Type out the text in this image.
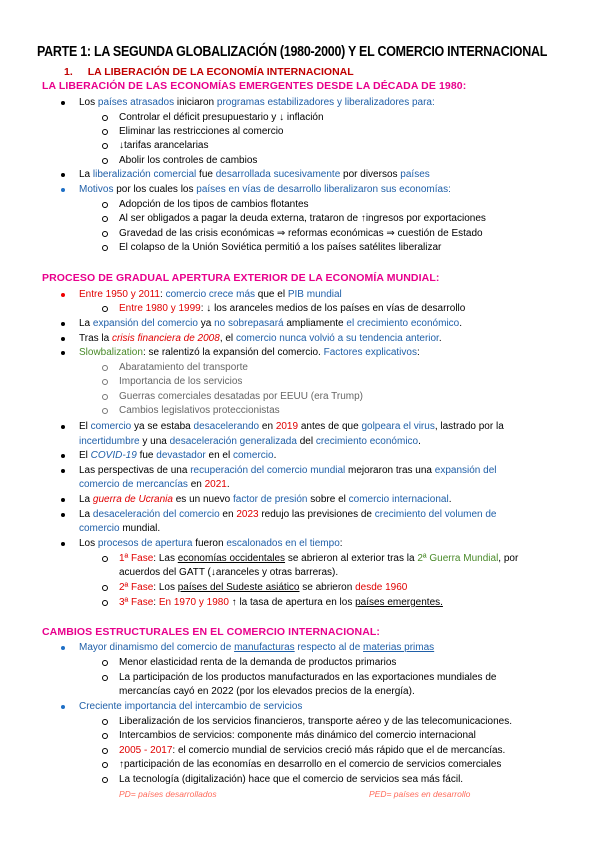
PARTE 1: LA SEGUNDA GLOBALIZACIÓN (1980-2000) Y EL COMERCIO INTERNACIONAL
1. LA LIBERACIÓN DE LA ECONOMÍA INTERNACIONAL
LA LIBERACIÓN DE LAS ECONOMÍAS EMERGENTES DESDE LA DÉCADA DE 1980:
Los países atrasados iniciaron programas estabilizadores y liberalizadores para:
Controlar el déficit presupuestario y ↓ inflación
Eliminar las restricciones al comercio
↓tarifas arancelarias
Abolir los controles de cambios
La liberalización comercial fue desarrollada sucesivamente por diversos países
Motivos por los cuales los países en vías de desarrollo liberalizaron sus economías:
Adopción de los tipos de cambios flotantes
Al ser obligados a pagar la deuda externa, trataron de ↑ingresos por exportaciones
Gravedad de las crisis económicas ⇒ reformas económicas ⇒ cuestión de Estado
El colapso de la Unión Soviética permitió a los países satélites liberalizar
PROCESO DE GRADUAL APERTURA EXTERIOR DE LA ECONOMÍA MUNDIAL:
Entre 1950 y 2011: comercio crece más que el PIB mundial
Entre 1980 y 1999: ↓ los aranceles medios de los países en vías de desarrollo
La expansión del comercio ya no sobrepasará ampliamente el crecimiento económico.
Tras la crisis financiera de 2008, el comercio nunca volvió a su tendencia anterior.
Slowbalization: se ralentizó la expansión del comercio. Factores explicativos:
Abaratamiento del transporte
Importancia de los servicios
Guerras comerciales desatadas por EEUU (era Trump)
Cambios legislativos proteccionistas
El comercio ya se estaba desacelerando en 2019 antes de que golpeara el virus, lastrado por la
incertidumbre y una desaceleración generalizada del crecimiento económico.
El COVID-19 fue devastador en el comercio.
Las perspectivas de una recuperación del comercio mundial mejoraron tras una expansión del
comercio de mercancías en 2021.
La guerra de Ucrania es un nuevo factor de presión sobre el comercio internacional.
La desaceleración del comercio en 2023 redujo las previsiones de crecimiento del volumen de
comercio mundial.
Los procesos de apertura fueron escalonados en el tiempo:
1ª Fase: Las economías occidentales se abrieron al exterior tras la 2ª Guerra Mundial, por
acuerdos del GATT (↓aranceles y otras barreras).
2ª Fase: Los países del Sudeste asiático se abrieron desde 1960
3ª Fase: En 1970 y 1980 ↑ la tasa de apertura en los países emergentes.
CAMBIOS ESTRUCTURALES EN EL COMERCIO INTERNACIONAL:
Mayor dinamismo del comercio de manufacturas respecto al de materias primas
Menor elasticidad renta de la demanda de productos primarios
La participación de los productos manufacturados en las exportaciones mundiales de
mercancías cayó en 2022 (por los elevados precios de la energía).
Creciente importancia del intercambio de servicios
Liberalización de los servicios financieros, transporte aéreo y de las telecomunicaciones.
Intercambios de servicios: componente más dinámico del comercio internacional
2005 - 2017: el comercio mundial de servicios creció más rápido que el de mercancías.
↑participación de las economías en desarrollo en el comercio de servicios comerciales
La tecnología (digitalización) hace que el comercio de servicios sea más fácil.
PD= países desarrollados	PED= países en desarrollo
